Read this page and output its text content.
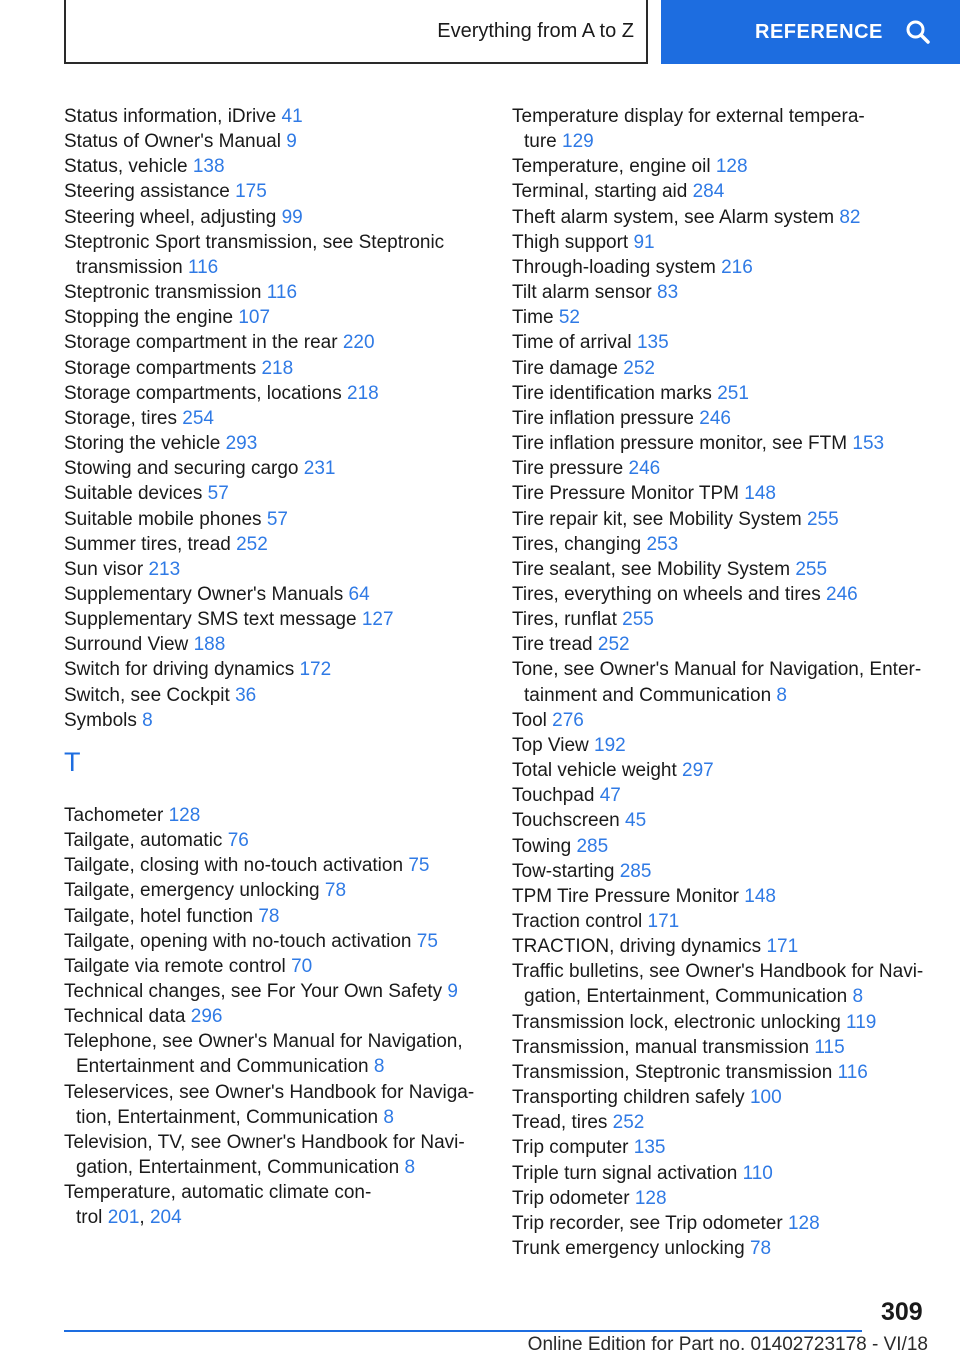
Everything from A to Z	REFERENCE
Status information, iDrive 41
Status of Owner's Manual 9
Status, vehicle 138
Steering assistance 175
Steering wheel, adjusting 99
Steptronic Sport transmission, see Steptronic
transmission 116
Steptronic transmission 116
Stopping the engine 107
Storage compartment in the rear 220
Storage compartments 218
Storage compartments, locations 218
Storage, tires 254
Storing the vehicle 293
Stowing and securing cargo 231
Suitable devices 57
Suitable mobile phones 57
Summer tires, tread 252
Sun visor 213
Supplementary Owner's Manuals 64
Supplementary SMS text message 127
Surround View 188
Switch for driving dynamics 172
Switch, see Cockpit 36
Symbols 8
T
Tachometer 128
Tailgate, automatic 76
Tailgate, closing with no-touch activation 75
Tailgate, emergency unlocking 78
Tailgate, hotel function 78
Tailgate, opening with no-touch activation 75
Tailgate via remote control 70
Technical changes, see For Your Own Safety 9
Technical data 296
Telephone, see Owner's Manual for Navigation,
Entertainment and Communication 8
Teleservices, see Owner's Handbook for Naviga‐
tion, Entertainment, Communication 8
Television, TV, see Owner's Handbook for Navi‐
gation, Entertainment, Communication 8
Temperature, automatic climate con‐
trol 201, 204
Temperature display for external tempera‐
ture 129
Temperature, engine oil 128
Terminal, starting aid 284
Theft alarm system, see Alarm system 82
Thigh support 91
Through-loading system 216
Tilt alarm sensor 83
Time 52
Time of arrival 135
Tire damage 252
Tire identification marks 251
Tire inflation pressure 246
Tire inflation pressure monitor, see FTM 153
Tire pressure 246
Tire Pressure Monitor TPM 148
Tire repair kit, see Mobility System 255
Tires, changing 253
Tire sealant, see Mobility System 255
Tires, everything on wheels and tires 246
Tires, runflat 255
Tire tread 252
Tone, see Owner's Manual for Navigation, Enter‐
tainment and Communication 8
Tool 276
Top View 192
Total vehicle weight 297
Touchpad 47
Touchscreen 45
Towing 285
Tow-starting 285
TPM Tire Pressure Monitor 148
Traction control 171
TRACTION, driving dynamics 171
Traffic bulletins, see Owner's Handbook for Navi‐
gation, Entertainment, Communication 8
Transmission lock, electronic unlocking 119
Transmission, manual transmission 115
Transmission, Steptronic transmission 116
Transporting children safely 100
Tread, tires 252
Trip computer 135
Triple turn signal activation 110
Trip odometer 128
Trip recorder, see Trip odometer 128
Trunk emergency unlocking 78
309
Online Edition for Part no. 01402723178 - VI/18
